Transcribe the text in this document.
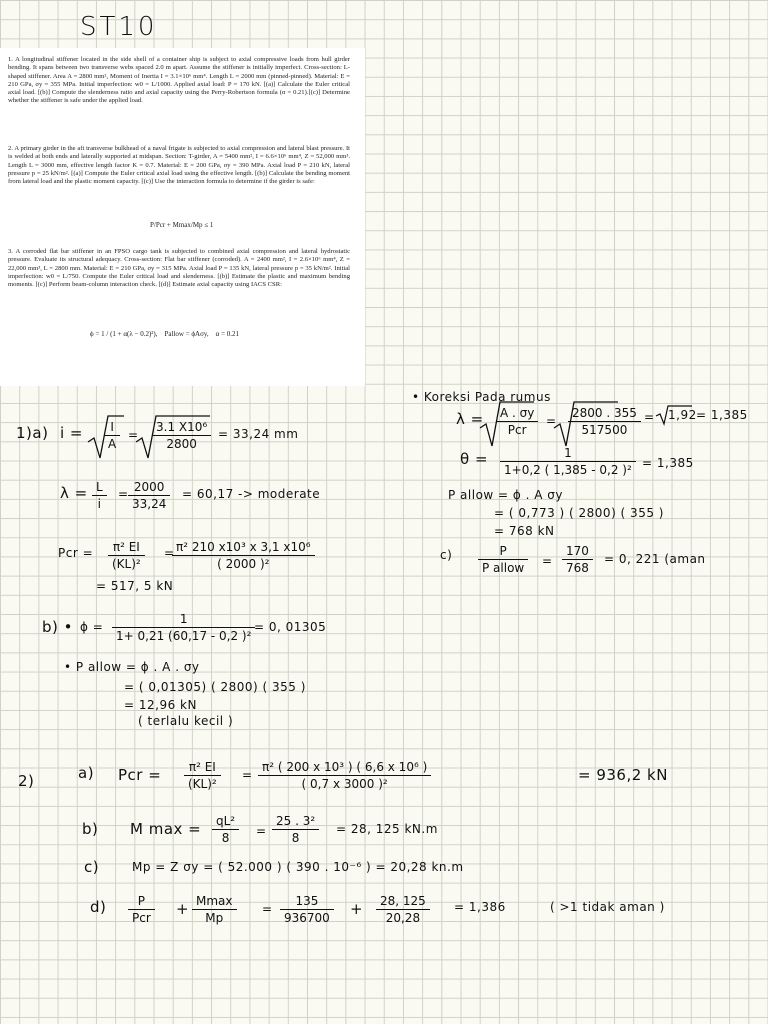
ST10
1. A longitudinal stiffener located in the side shell of a container ship is subject to axial compressive loads from hull girder bending. It spans between two transverse webs spaced 2.0 m apart. Assume the stiffener is initially imperfect. Cross-section: L-shaped stiffener. Area A = 2800 mm², Moment of Inertia I = 3.1×10⁶ mm⁴. Length L = 2000 mm (pinned-pinned). Material: E = 210 GPa, σy = 355 MPa. Initial imperfection: w0 = L/1000. Applied axial load: P = 170 kN. [(a)] Calculate the Euler critical axial load. [(b)] Compute the slenderness ratio and axial capacity using the Perry-Robertson formula (α = 0.21).[(c)] Determine whether the stiffener is safe under the applied load.
2. A primary girder in the aft transverse bulkhead of a naval frigate is subjected to axial compression and lateral blast pressure. It is welded at both ends and laterally supported at midspan. Section: T-girder, A = 5400 mm², I = 6.6×10⁶ mm⁴, Z = 52,000 mm³. Length L = 3000 mm, effective length factor K = 0.7. Material: E = 200 GPa, σy = 390 MPa. Axial load P = 210 kN, lateral pressure p = 25 kN/m². [(a)] Compute the Euler critical axial load using the effective length. [(b)] Calculate the bending moment from lateral load and the plastic moment capacity. [(c)] Use the interaction formula to determine if the girder is safe:
P/Pcr + Mmax/Mp ≤ 1
3. A corroded flat bar stiffener in an FPSO cargo tank is subjected to combined axial compression and lateral hydrostatic pressure. Evaluate its structural adequacy. Cross-section: Flat bar stiffener (corroded). A = 2400 mm², I = 2.6×10⁶ mm⁴, Z = 22,000 mm³, L = 2800 mm. Material: E = 210 GPa, σy = 315 MPa. Axial load P = 135 kN, lateral pressure p = 35 kN/m². Initial imperfection: w0 = L/750. Compute the Euler critical load and slenderness. [(b)] Estimate the plastic and maximum bending moments. [(c)] Perform beam-column interaction check. [(d)] Estimate axial capacity using IACS CSR:
ϕ = 1 / (1 + α(λ − 0.2)²), Pallow = ϕAσy, α = 0.21
1)a) i =	I
A
= $\frac{\text{3.1 X10⁶}}{2800} = 33,24$ mm
λ = L
i
= 2000
33,24
= 60,17 -> moderate
Pcr = $\frac{\text{π² EI}}{\text{(KL)²}}$ =
$\frac{\text{π² 210 x10³ x 3,1 x10⁶}}{\text{( 2000 )²}}$
= 517, 5 kN
b) • $\phi = \frac{1}{\text{1+ 0,21 (60,17 - 0,2 )²}}$
= 0, 01305
• P allow = ϕ . A . σy
= ( 0,01305) ( 2800) ( 355 )
= 12,96 kN
( terlalu kecil )
• Koreksi Pada rumus
λ =	A . σy
Pcr
= $\frac{2800 . 355}{517500} = 1,92 = 1,385$
$\theta = \frac{1}{\text{1+0,2 ( 1,385 - 0,2 )²}} = 1,385$
P allow = ϕ . A σy
= ( 0,773 ) ( 2800) ( 355 )
= 768 kN
c)	P
P allow	=
170
768
= 0, 221 (aman
2)	a) Pcr = $\frac{\text{π² EI}}{\text{(KL)²}} = \frac{\text{π² ( 200 x 10³ ) ( 6,6 x 10⁶ )}}{\text{( 0,7 x 3000 )²}}$	= 936,2 kN
b) M $\max = \frac{\text{qL²}}{8} = \frac{\text{25 . 3²}}{8} = 28$, 125 kN.m
c)	Mp = Z σy = ( 52.000 ) ( 390 . 10⁻⁶ ) = 20,28 kn.m
d)	P
Pcr + Mmax
Mp
=
135
936700 +	28, 125
20,28
= 1,386	( >1 tidak aman )
